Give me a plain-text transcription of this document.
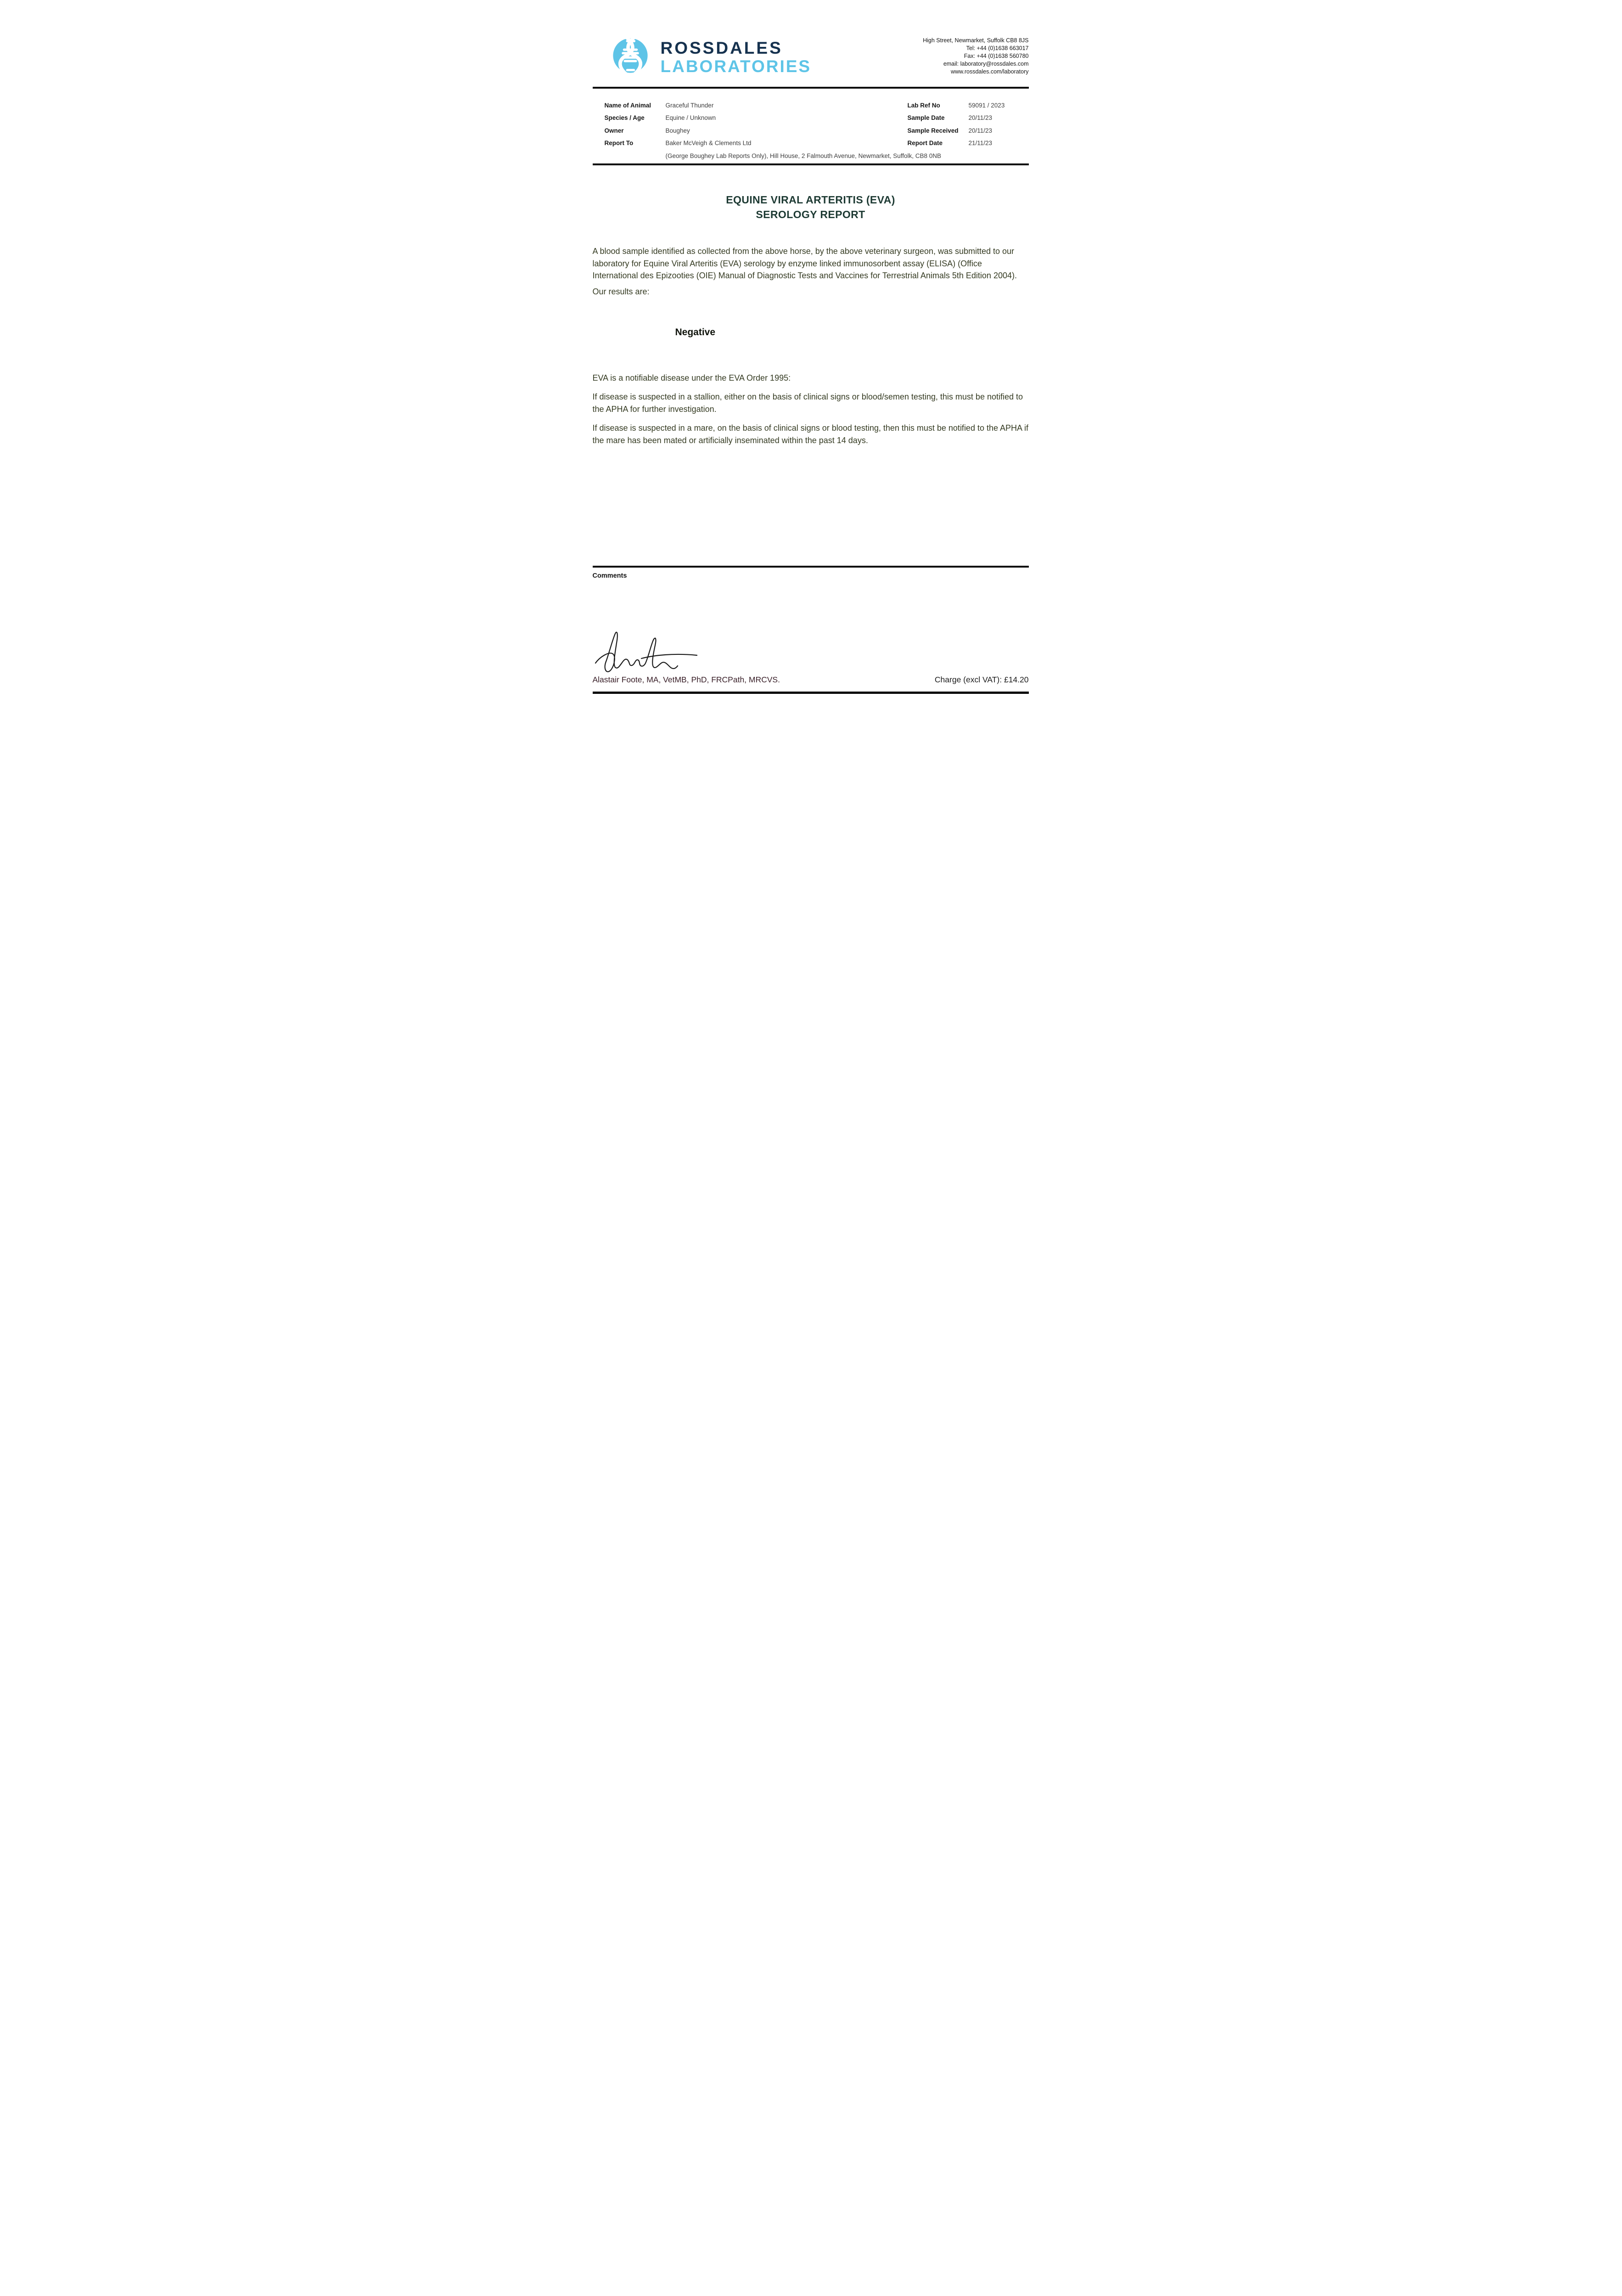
ROSSDALES
LABORATORIES
High Street, Newmarket, Suffolk CB8 8JS
Tel: +44 (0)1638 663017
Fax: +44 (0)1638 560780
email: laboratory@rossdales.com
www.rossdales.com/laboratory
Name of Animal Graceful Thunder	Lab Ref No	59091 / 2023
Species / Age	Equine / Unknown	Sample Date	20/11/23
Owner	Boughey	Sample Received 20/11/23
Report To	Baker McVeigh & Clements Ltd	Report Date	21/11/23
(George Boughey Lab Reports Only), Hill House, 2 Falmouth Avenue, Newmarket, Suffolk, CB8 0NB
EQUINE VIRAL ARTERITIS (EVA)
SEROLOGY REPORT
A blood sample identified as collected from the above horse, by the above veterinary surgeon, was submitted to our laboratory for Equine Viral Arteritis (EVA) serology by enzyme linked immunosorbent assay (ELISA) (Office International des Epizooties (OIE) Manual of Diagnostic Tests and Vaccines for Terrestrial Animals 5th Edition 2004).
Our results are:
Negative
EVA is a notifiable disease under the EVA Order 1995:
If disease is suspected in a stallion, either on the basis of clinical signs or blood/semen testing, this must be notified to the APHA for further investigation.
If disease is suspected in a mare, on the basis of clinical signs or blood testing, then this must be notified to the APHA if the mare has been mated or artificially inseminated within the past 14 days.
Comments
Alastair Foote, MA, VetMB, PhD, FRCPath, MRCVS.	Charge (excl VAT): £14.20
